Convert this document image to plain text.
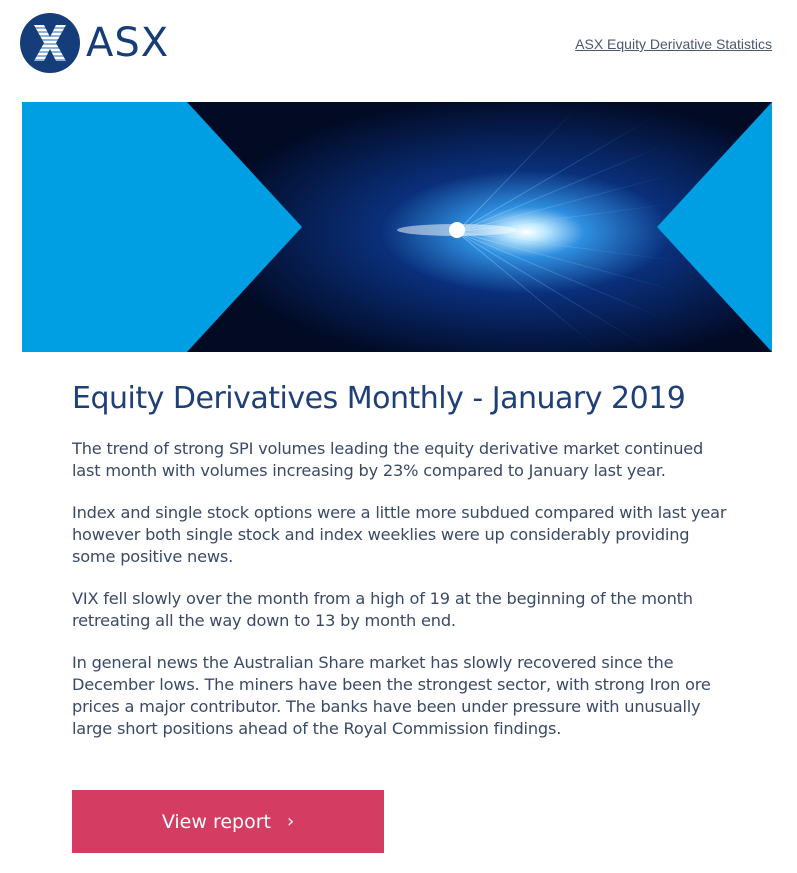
ASX	ASX Equity Derivative Statistics
Equity Derivatives Monthly - January 2019

The trend of strong SPI volumes leading the equity derivative market continued last month with volumes increasing by 23% compared to January last year.

Index and single stock options were a little more subdued compared with last year however both single stock and index weeklies were up considerably providing some positive news.

VIX fell slowly over the month from a high of 19 at the beginning of the month retreating all the way down to 13 by month end.

In general news the Australian Share market has slowly recovered since the December lows. The miners have been the strongest sector, with strong Iron ore prices a major contributor. The banks have been under pressure with unusually large short positions ahead of the Royal Commission findings.

View report ›
